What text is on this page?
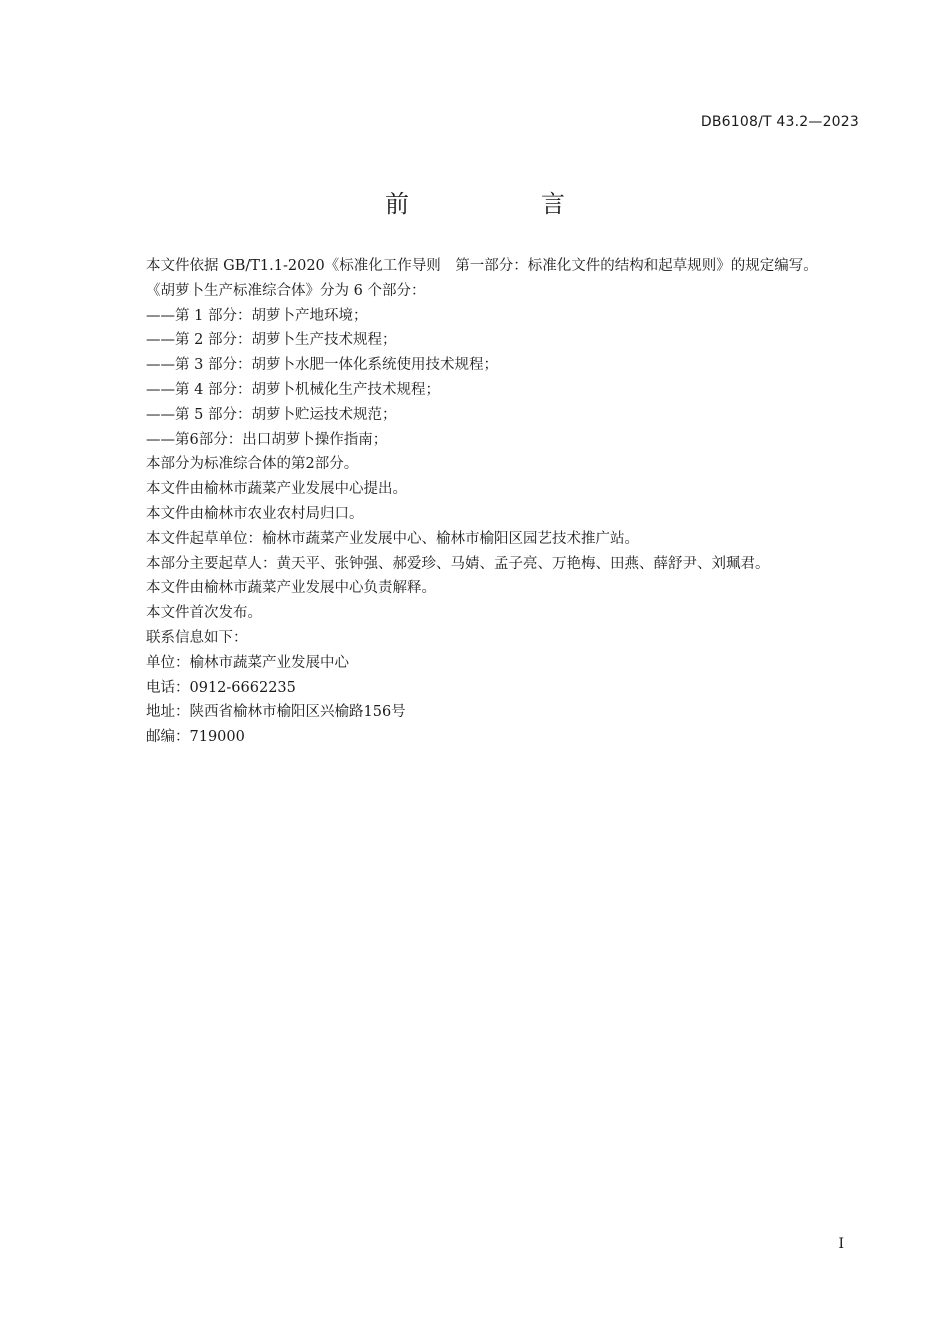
DB6108/T 43.2—2023
前　言

本文件依据 GB/T1.1-2020《标准化工作导则　第一部分：标准化文件的结构和起草规则》的规定编写。

《胡萝卜生产标准综合体》分为 6 个部分：

——第 1 部分：胡萝卜产地环境；

——第 2 部分：胡萝卜生产技术规程；

——第 3 部分：胡萝卜水肥一体化系统使用技术规程；

——第 4 部分：胡萝卜机械化生产技术规程；

——第 5 部分：胡萝卜贮运技术规范；

——第6部分：出口胡萝卜操作指南；

本部分为标准综合体的第2部分。

本文件由榆林市蔬菜产业发展中心提出。

本文件由榆林市农业农村局归口。

本文件起草单位：榆林市蔬菜产业发展中心、榆林市榆阳区园艺技术推广站。

本部分主要起草人：黄天平、张钟强、郝爱珍、马婧、孟子亮、万艳梅、田燕、薛舒尹、刘珮君。

本文件由榆林市蔬菜产业发展中心负责解释。

本文件首次发布。

联系信息如下：

单位：榆林市蔬菜产业发展中心

电话：0912-6662235

地址：陕西省榆林市榆阳区兴榆路156号

邮编：719000

I
